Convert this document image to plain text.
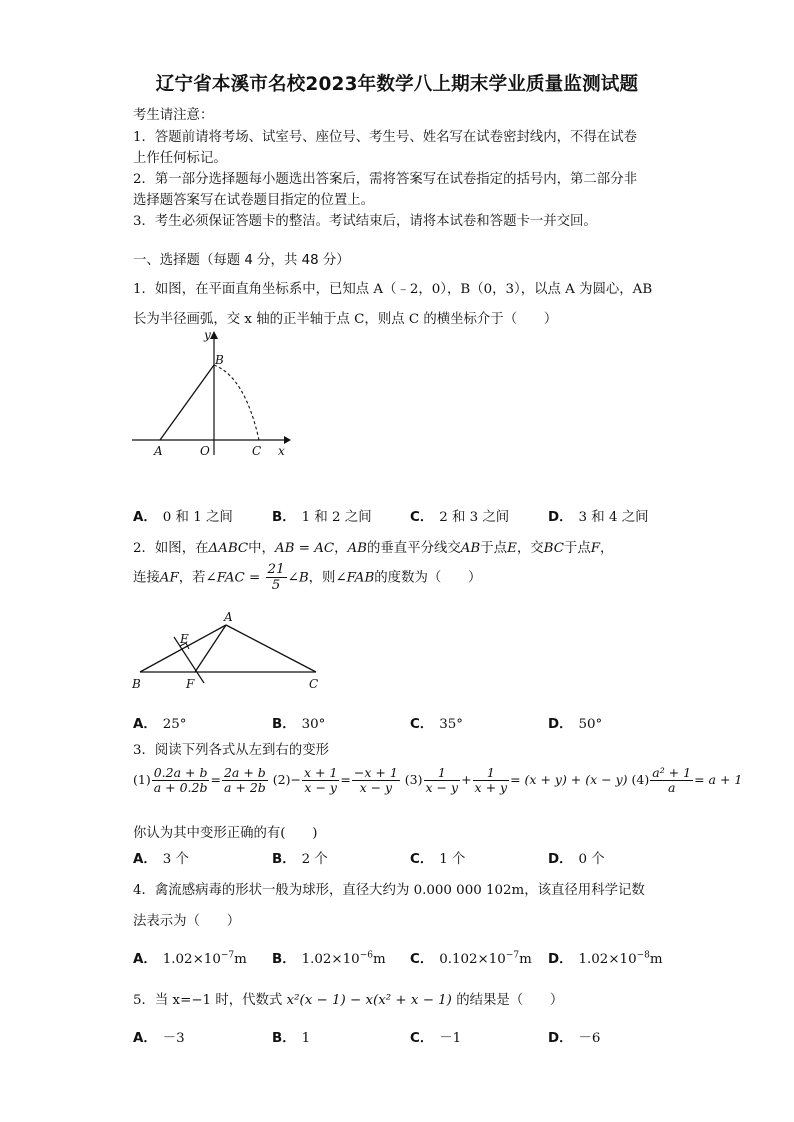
辽宁省本溪市名校2023年数学八上期末学业质量监测试题
考生请注意：
1．答题前请将考场、试室号、座位号、考生号、姓名写在试卷密封线内，不得在试卷
上作任何标记。
2．第一部分选择题每小题选出答案后，需将答案写在试卷指定的括号内，第二部分非
选择题答案写在试卷题目指定的位置上。
3．考生必须保证答题卡的整洁。考试结束后，请将本试卷和答题卡一并交回。
一、选择题（每题 4 分，共 48 分）
1．如图，在平面直角坐标系中，已知点 A（﹣2，0），B（0，3），以点 A 为圆心，AB
长为半径画弧，交 x 轴的正半轴于点 C，则点 C 的横坐标介于（　　）
y
B
A	O	C x
A． 0 和 1 之间	B． 1 和 2 之间	C． 2 和 3 之间	D． 3 和 4 之间
2．如图，在ΔABC中，AB = AC，AB的垂直平分线交AB于点E，交BC于点F，
连接AF，若∠FAC = $\frac{21}{5}$ ∠B，则∠FAB的度数为（　　）
A
E
B	F	C
A． 25°	B． 30°	C． 35°	D． 50°
3．阅读下列各式从左到右的变形
$(1) \frac{0.2a + b}{a + 0.2b} = \frac{2a + b}{a + 2b} (2)- \frac{x + 1}{x - y} = \frac{-x + 1}{x - y} (3) \frac{1}{x - y} + \frac{1}{x + y} = (x + y) + (x - y)$ $(4) \frac{\text{a² + 1}}{a} = a + 1$
你认为其中变形正确的有(　　)
A． 3 个	B． 2 个	C． 1 个	D． 0 个
4．禽流感病毒的形状一般为球形，直径大约为 0.000 000 102m，该直径用科学记数
法表示为（　　）
A． $1.02\times 10^{-7}m$ B． $1.02\times 10^{-6}m$ C． $0.102\times 10^{-7}m$ D． $1.02\times 10^{-8}m$
5．当 x=−1 时，代数式 x²(x − 1) − x(x² + x − 1) 的结果是（　　）
A． －3	B． 1	C． －1	D． －6
